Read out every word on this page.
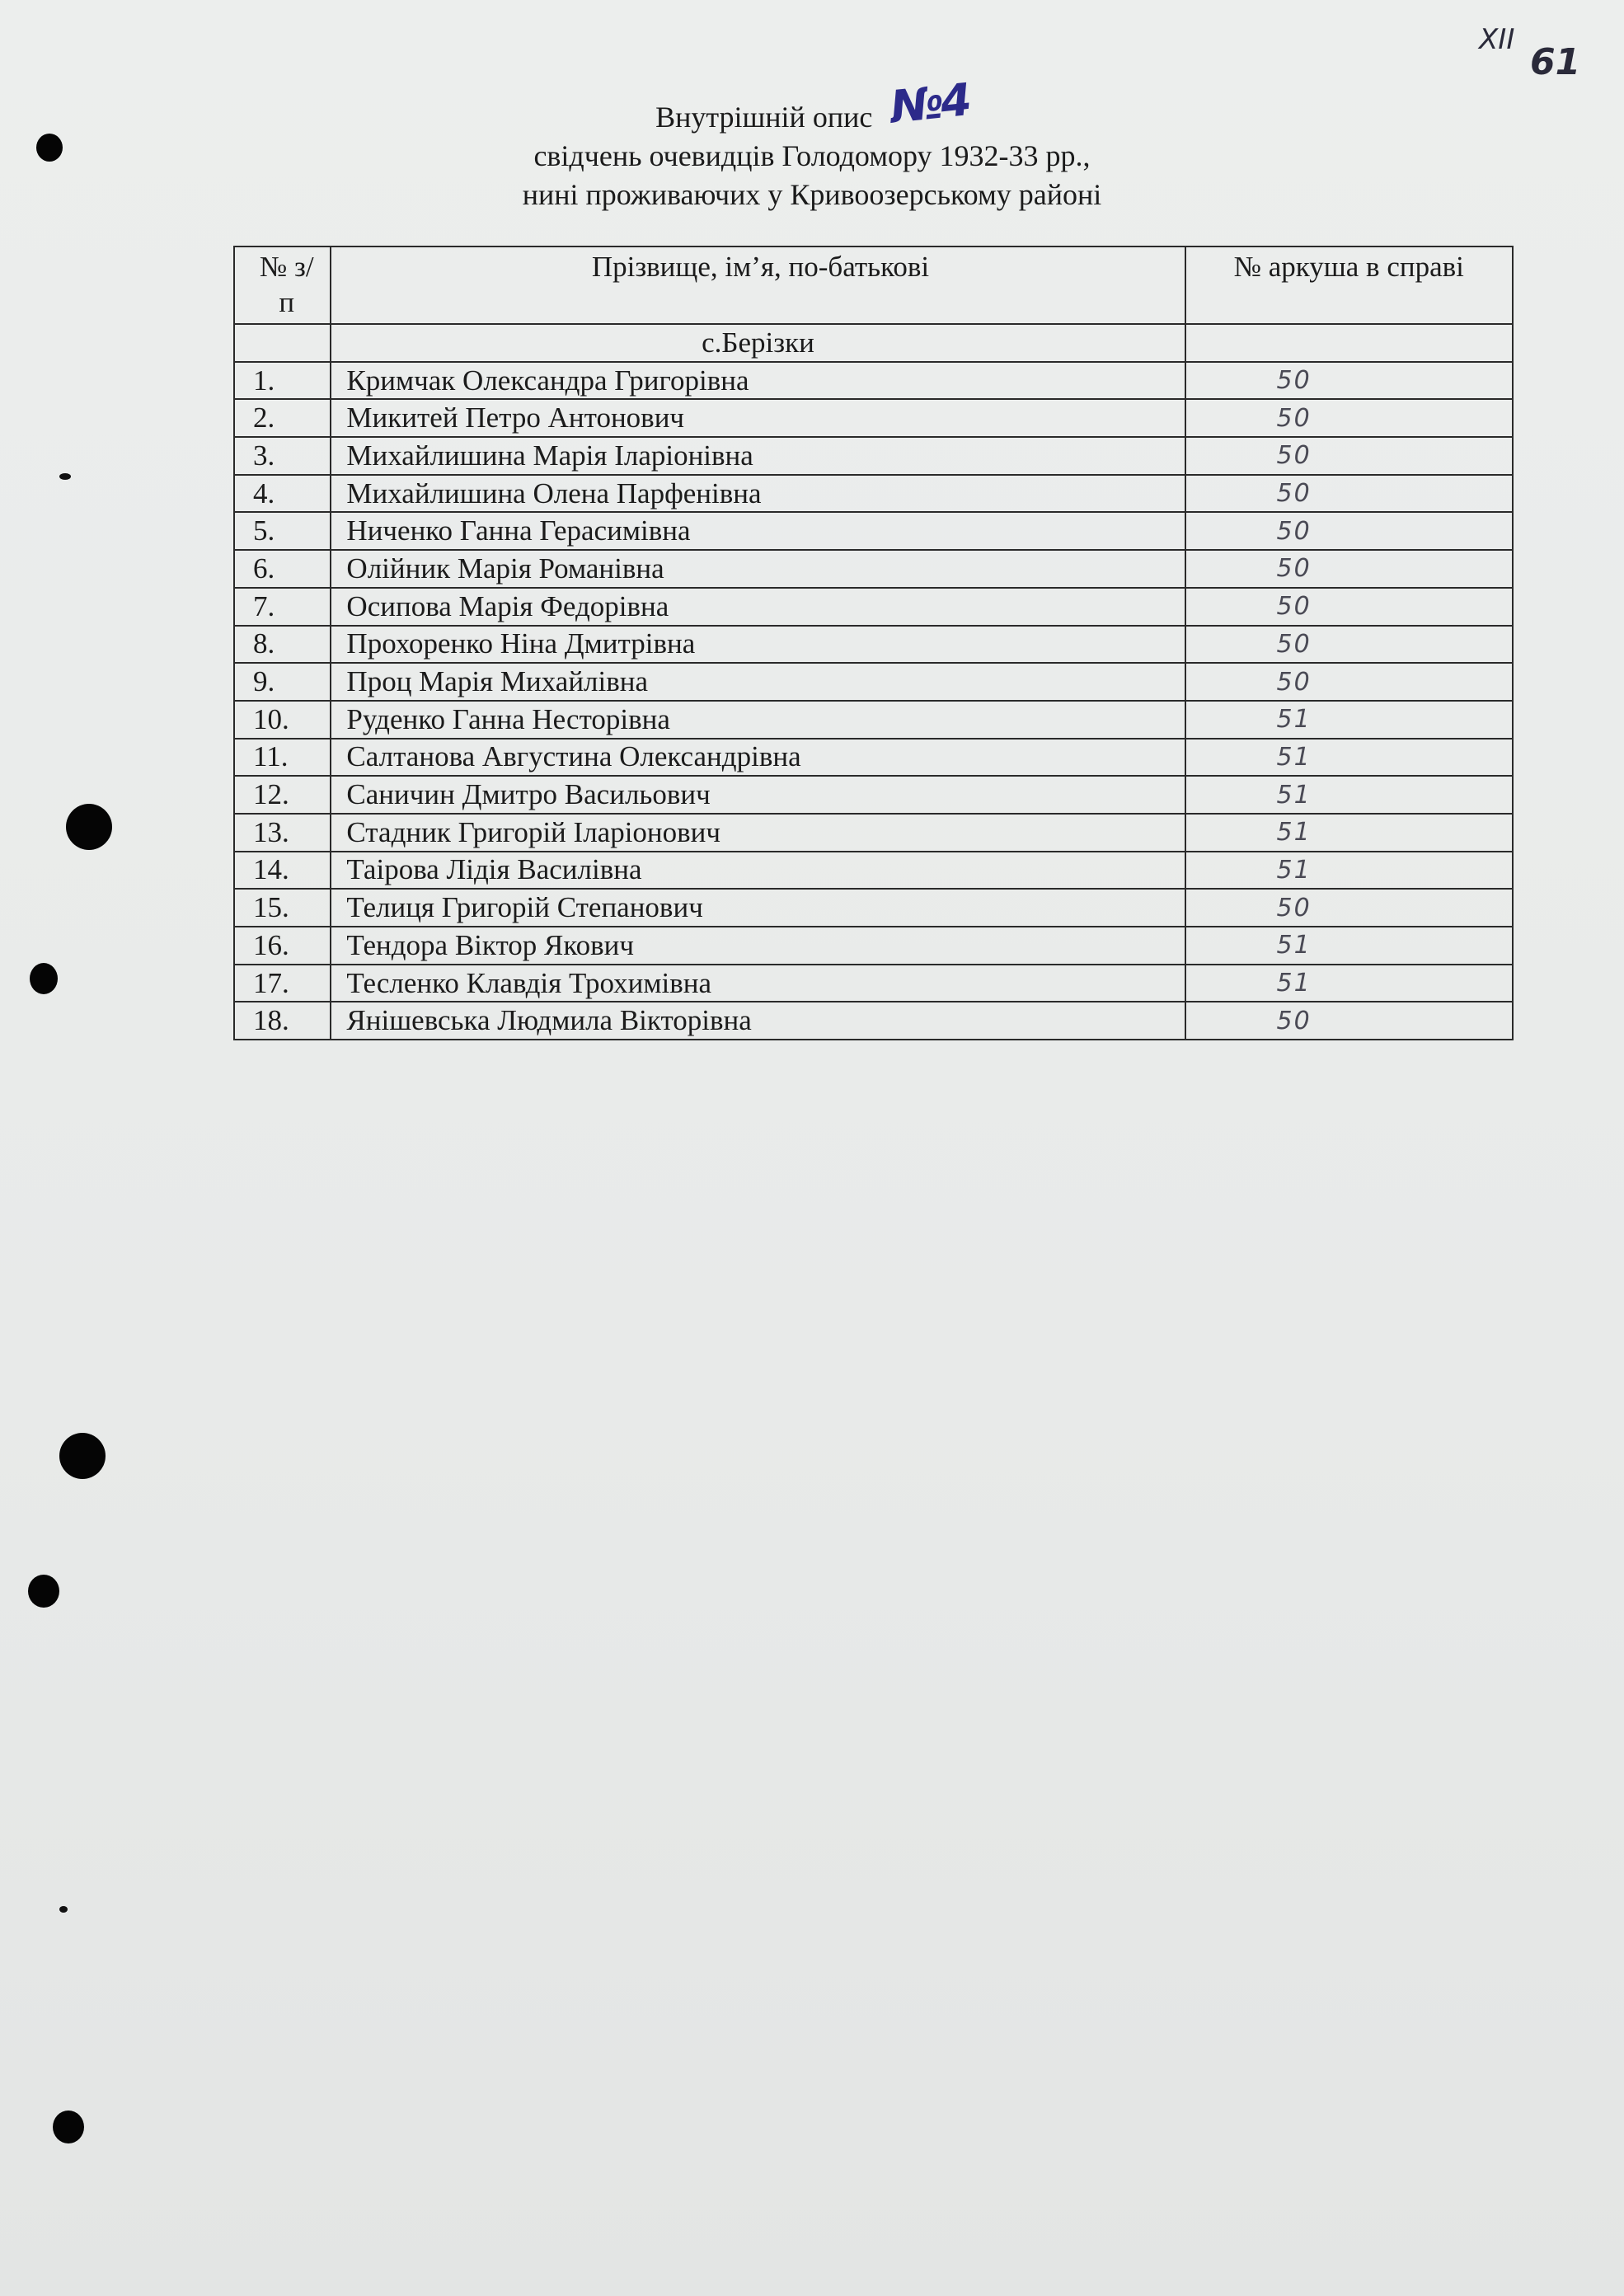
XII
61
Внутрішній опис №4
свідчень очевидців Голодомору 1932-33 рр.,
нині проживаючих у Кривоозерському районі
№ з/п	Прізвище, ім’я, по-батькові	№ аркуша в справі
	с.Берізки	
1.	Кримчак Олександра Григорівна	50
2.	Микитей Петро Антонович	50
3.	Михайлишина Марія Іларіонівна	50
4.	Михайлишина Олена Парфенівна	50
5.	Ниченко Ганна Герасимівна	50
6.	Олійник Марія Романівна	50
7.	Осипова Марія Федорівна	50
8.	Прохоренко Ніна Дмитрівна	50
9.	Проц Марія Михайлівна	50
10.	Руденко Ганна Несторівна	51
11.	Салтанова Августина Олександрівна	51
12.	Саничин Дмитро Васильович	51
13.	Стадник Григорій Іларіонович	51
14.	Таірова Лідія Василівна	51
15.	Телиця Григорій Степанович	50
16.	Тендора Віктор Якович	51
17.	Тесленко Клавдія Трохимівна	51
18.	Янішевська Людмила Вікторівна	50
